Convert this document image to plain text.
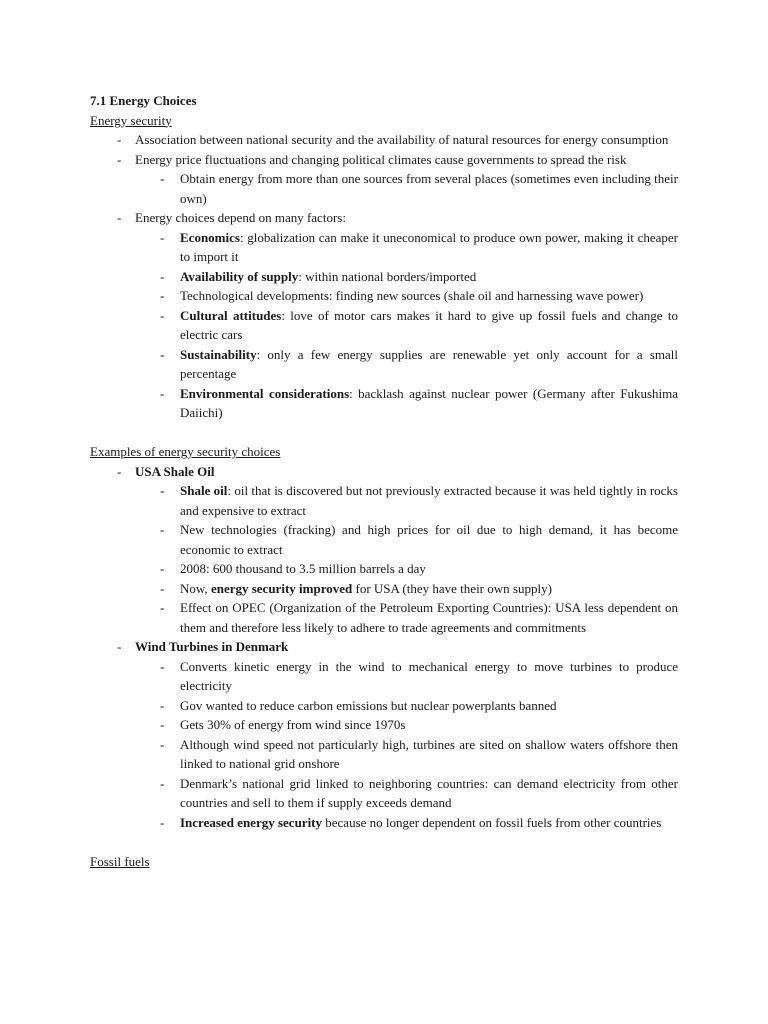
7.1 Energy Choices
Energy security
- Association between national security and the availability of natural resources for energy consumption
- Energy price fluctuations and changing political climates cause governments to spread the risk
- Obtain energy from more than one sources from several places (sometimes even including their own)
- Energy choices depend on many factors:
- Economics: globalization can make it uneconomical to produce own power, making it cheaper to import it
- Availability of supply: within national borders/imported
- Technological developments: finding new sources (shale oil and harnessing wave power)
- Cultural attitudes: love of motor cars makes it hard to give up fossil fuels and change to electric cars
- Sustainability: only a few energy supplies are renewable yet only account for a small percentage
- Environmental considerations: backlash against nuclear power (Germany after Fukushima Daiichi)
Examples of energy security choices
- USA Shale Oil
- Shale oil: oil that is discovered but not previously extracted because it was held tightly in rocks and expensive to extract
- New technologies (fracking) and high prices for oil due to high demand, it has become economic to extract
- 2008: 600 thousand to 3.5 million barrels a day
- Now, energy security improved for USA (they have their own supply)
- Effect on OPEC (Organization of the Petroleum Exporting Countries): USA less dependent on them and therefore less likely to adhere to trade agreements and commitments
- Wind Turbines in Denmark
- Converts kinetic energy in the wind to mechanical energy to move turbines to produce electricity
- Gov wanted to reduce carbon emissions but nuclear powerplants banned
- Gets 30% of energy from wind since 1970s
- Although wind speed not particularly high, turbines are sited on shallow waters offshore then linked to national grid onshore
- Denmark’s national grid linked to neighboring countries: can demand electricity from other countries and sell to them if supply exceeds demand
- Increased energy security because no longer dependent on fossil fuels from other countries
Fossil fuels
